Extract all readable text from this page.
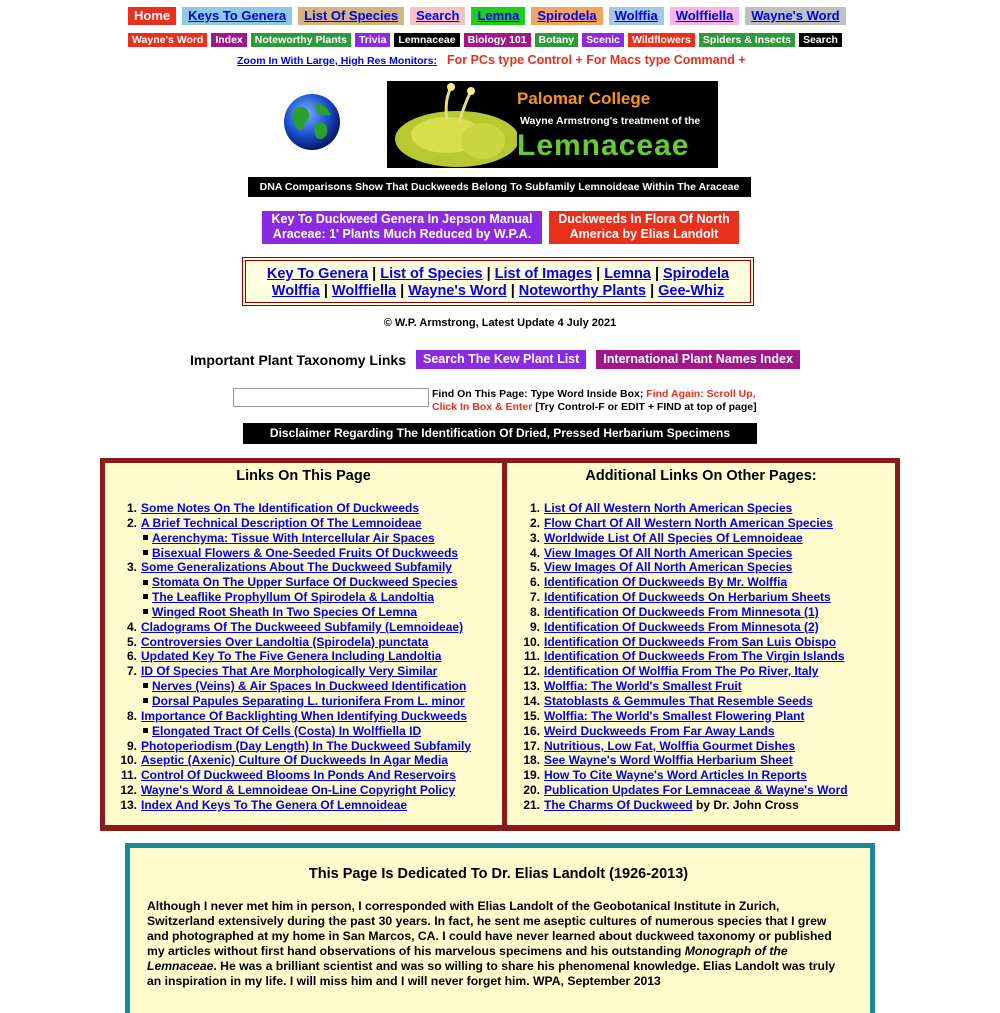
Home	Keys To Genera	List Of Species	Search	Lemna	Spirodela	Wolffia	Wolffiella	Wayne's Word
Wayne's Word	Index	Noteworthy Plants	Trivia	Lemnaceae	Biology 101	Botany	Scenic	Wildflowers	Spiders & Insects	Search
Zoom In With Large, High Res Monitors: For PCs type Control + For Macs type Command +
Palomar College
Wayne Armstrong's treatment of the
Lemnaceae
DNA Comparisons Show That Duckweeds Belong To Subfamily Lemnoideae Within The Araceae
Key To Duckweed Genera In Jepson Manual
Araceae: 1' Plants Much Reduced by W.P.A.
Duckweeds In Flora Of North
America by Elias Landolt
Key To Genera | List of Species | List of Images | Lemna | Spirodela
Wolffia | Wolffiella | Wayne's Word | Noteworthy Plants | Gee-Whiz
© W.P. Armstrong, Latest Update 4 July 2021
Important Plant Taxonomy Links	Search The Kew Plant List	International Plant Names Index
Find On This Page: Type Word Inside Box; Find Again: Scroll Up,
Click In Box & Enter [Try Control-F or EDIT + FIND at top of page]
Disclaimer Regarding The Identification Of Dried, Pressed Herbarium Specimens
Links On This Page
1. Some Notes On The Identification Of Duckweeds
2. A Brief Technical Description Of The Lemnoideae
Aerenchyma: Tissue With Intercellular Air Spaces
Bisexual Flowers & One-Seeded Fruits Of Duckweeds
3. Some Generalizations About The Duckweed Subfamily
Stomata On The Upper Surface Of Duckweed Species
The Leaflike Prophyllum Of Spirodela & Landoltia
Winged Root Sheath In Two Species Of Lemna
4. Cladograms Of The Duckweeed Subfamily (Lemnoideae)
5. Controversies Over Landoltia (Spirodela) punctata
6. Updated Key To The Five Genera Including Landoltia
7. ID Of Species That Are Morphologically Very Similar
Nerves (Veins) & Air Spaces In Duckweed Identification
Dorsal Papules Separating L. turionifera From L. minor
8. Importance Of Backlighting When Identifying Duckweeds
Elongated Tract Of Cells (Costa) In Wolffiella ID
9. Photoperiodism (Day Length) In The Duckweed Subfamily
10. Aseptic (Axenic) Culture Of Duckweeds In Agar Media
11. Control Of Duckweed Blooms In Ponds And Reservoirs
12. Wayne's Word & Lemnoideae On-Line Copyright Policy
13. Index And Keys To The Genera Of Lemnoideae
Additional Links On Other Pages:
1. List Of All Western North American Species
2. Flow Chart Of All Western North American Species
3. Worldwide List Of All Species Of Lemnoideae
4. View Images Of All North American Species
5. View Images Of All North American Species
6. Identification Of Duckweeds By Mr. Wolffia
7. Identification Of Duckweeds On Herbarium Sheets
8. Identification Of Duckweeds From Minnesota (1)
9. Identification Of Duckweeds From Minnesota (2)
10. Identification Of Duckweeds From San Luis Obispo
11. Identification Of Duckweeds From The Virgin Islands
12. Identification Of Wolffia From The Po River, Italy
13. Wolffia: The World's Smallest Fruit
14. Statoblasts & Gemmules That Resemble Seeds
15. Wolffia: The World's Smallest Flowering Plant
16. Weird Duckweeds From Far Away Lands
17. Nutritious, Low Fat, Wolffia Gourmet Dishes
18. See Wayne's Word Wolffia Herbarium Sheet
19. How To Cite Wayne's Word Articles In Reports
20. Publication Updates For Lemnaceae & Wayne's Word
21. The Charms Of Duckweed by Dr. John Cross
This Page Is Dedicated To Dr. Elias Landolt (1926-2013)

Although I never met him in person, I corresponded with Elias Landolt of the Geobotanical Institute in Zurich, Switzerland extensively during the past 30 years. In fact, he sent me aseptic cultures of numerous species that I grew and photographed at my home in San Marcos, CA. I could have never learned about duckweed taxonomy or published my articles without first hand observations of his marvelous specimens and his outstanding Monograph of the Lemnaceae. He was a brilliant scientist and was so willing to share his phenomenal knowledge. Elias Landolt was truly an inspiration in my life. I will miss him and I will never forget him. WPA, September 2013
